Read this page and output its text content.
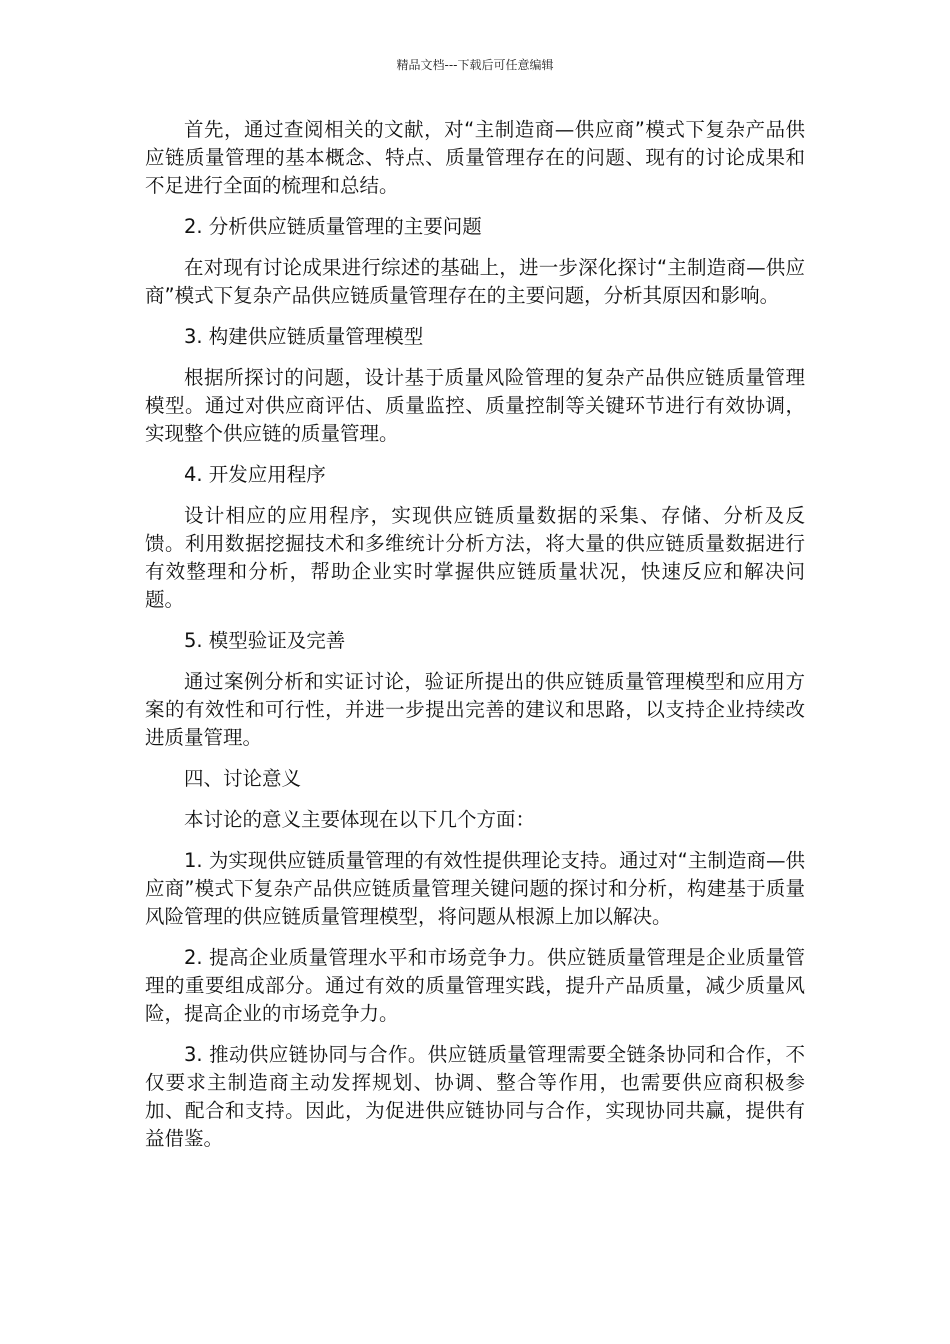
精品文档---下载后可任意编辑

首先，通过查阅相关的文献，对“主制造商—供应商”模式下复杂产品供应链质量管理的基本概念、特点、质量管理存在的问题、现有的讨论成果和不足进行全面的梳理和总结。

2. 分析供应链质量管理的主要问题

在对现有讨论成果进行综述的基础上，进一步深化探讨“主制造商—供应商”模式下复杂产品供应链质量管理存在的主要问题，分析其原因和影响。

3. 构建供应链质量管理模型

根据所探讨的问题，设计基于质量风险管理的复杂产品供应链质量管理模型。通过对供应商评估、质量监控、质量控制等关键环节进行有效协调，实现整个供应链的质量管理。

4. 开发应用程序

设计相应的应用程序，实现供应链质量数据的采集、存储、分析及反馈。利用数据挖掘技术和多维统计分析方法，将大量的供应链质量数据进行有效整理和分析，帮助企业实时掌握供应链质量状况，快速反应和解决问题。

5. 模型验证及完善

通过案例分析和实证讨论，验证所提出的供应链质量管理模型和应用方案的有效性和可行性，并进一步提出完善的建议和思路，以支持企业持续改进质量管理。

四、讨论意义

本讨论的意义主要体现在以下几个方面：

1. 为实现供应链质量管理的有效性提供理论支持。通过对“主制造商—供应商”模式下复杂产品供应链质量管理关键问题的探讨和分析，构建基于质量风险管理的供应链质量管理模型，将问题从根源上加以解决。

2. 提高企业质量管理水平和市场竞争力。供应链质量管理是企业质量管理的重要组成部分。通过有效的质量管理实践，提升产品质量，减少质量风险，提高企业的市场竞争力。

3. 推动供应链协同与合作。供应链质量管理需要全链条协同和合作，不仅要求主制造商主动发挥规划、协调、整合等作用，也需要供应商积极参加、配合和支持。因此，为促进供应链协同与合作，实现协同共赢，提供有益借鉴。
